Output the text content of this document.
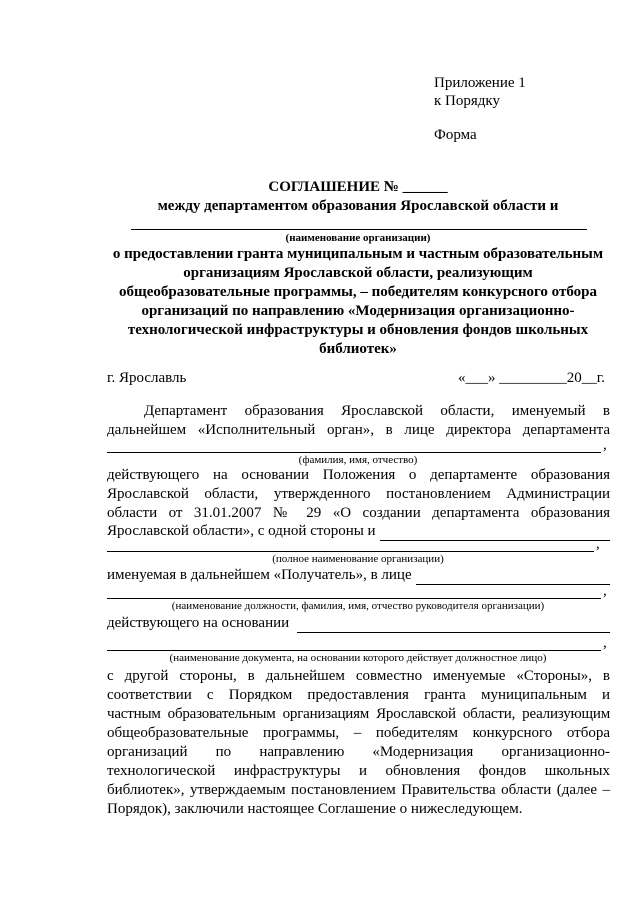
Приложение 1
к Порядку
Форма
СОГЛАШЕНИЕ № ______
между департаментом образования Ярославской области и
(наименование организации)
о предоставлении гранта муниципальным и частным образовательным
организациям Ярославской области, реализующим
общеобразовательные программы, – победителям конкурсного отбора
организаций по направлению «Модернизация организационно-
технологической инфраструктуры и обновления фондов школьных
библиотек»
г. Ярославль	«___» _________20__г.
Департамент образования Ярославской области, именуемый в
дальнейшем «Исполнительный орган», в лице директора департамента
,
(фамилия, имя, отчество)
действующего на основании Положения о департаменте образования
Ярославской области, утвержденного постановлением Администрации
области от 31.01.2007 № 29 «О создании департамента образования
Ярославской области», с одной стороны и
,
(полное наименование организации)
именуемая в дальнейшем «Получатель», в лице
,
(наименование должности, фамилия, имя, отчество руководителя организации)
действующего на основании
,
(наименование документа, на основании которого действует должностное лицо)
с другой стороны, в дальнейшем совместно именуемые «Стороны», в
соответствии с Порядком предоставления гранта муниципальным и
частным образовательным организациям Ярославской области, реализующим
общеобразовательные программы, – победителям конкурсного отбора
организаций по направлению «Модернизация организационно-
технологической инфраструктуры и обновления фондов школьных
библиотек», утверждаемым постановлением Правительства области (далее –
Порядок), заключили настоящее Соглашение о нижеследующем.
